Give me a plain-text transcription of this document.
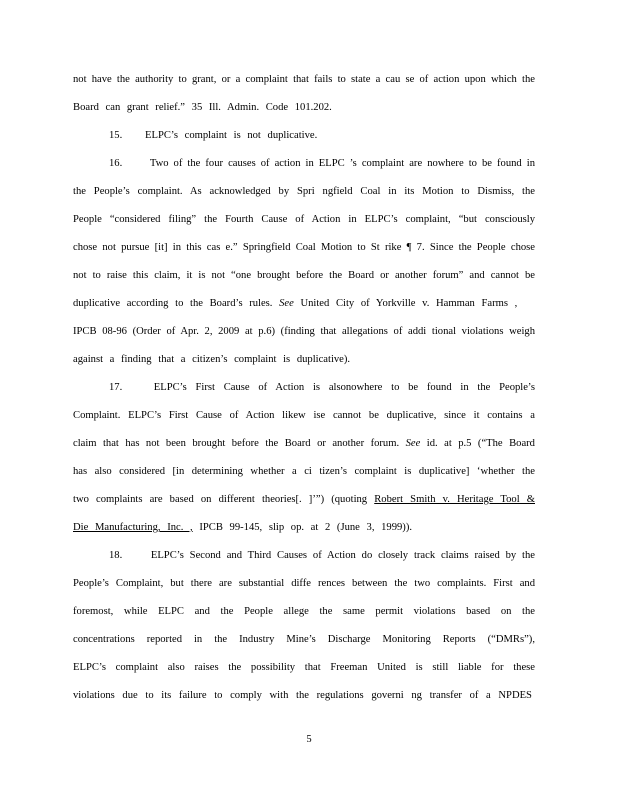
not have the authority to grant, or a complaint that fails to state a cau se of action upon which the
Board can grant relief.” 35 Ill. Admin. Code 101.202.
15. ELPC’s complaint is not duplicative.
16.	Two of the four causes of action in ELPC ’s complaint are nowhere to be found in
the People’s complaint. As acknowledged by Spri ngfield Coal in its Motion to Dismiss, the
People “considered filing” the Fourth Cause of Action in ELPC’s complaint, “but consciously
chose not pursue [it] in this cas e.” Springfield Coal Motion to St rike ¶ 7. Since the People chose
not to raise this claim, it is not “one brought before the Board or another forum” and cannot be
duplicative according to the Board’s rules. See United City of Yorkville v. Hamman Farms ,
IPCB 08-96 (Order of Apr. 2, 2009 at p.6) (finding that allegations of addi tional violations weigh
against a finding that a citizen’s complaint is duplicative).
17.	ELPC’s First Cause of Action is alsonowhere to be found in the People’s
Complaint. ELPC’s First Cause of Action likew ise cannot be duplicative, since it contains a
claim that has not been brought before the Board or another forum. See id. at p.5 (“The Board
has also considered [in determining whether a ci tizen’s complaint is duplicative] ‘whether the
two complaints are based on different theories[. ]’”) (quoting Robert Smith v. Heritage Tool &
Die Manufacturing, Inc. , IPCB 99-145, slip op. at 2 (June 3, 1999)).
18.	ELPC’s Second and Third Causes of Action do closely track claims raised by the
People’s Complaint, but there are substantial diffe rences between the two complaints. First and
foremost, while ELPC and the People allege the same permit violations based on the
concentrations reported in the Industry Mine’s Discharge Monitoring Reports (“DMRs”),
ELPC’s complaint also raises the possibility that Freeman United is still liable for these
violations due to its failure to comply with the regulations governi ng transfer of a NPDES
5
